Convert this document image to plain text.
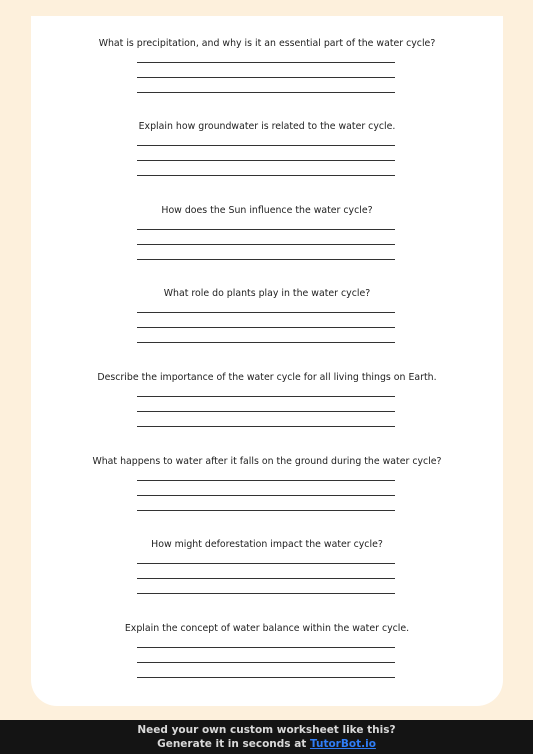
What is precipitation, and why is it an essential part of the water cycle?

Explain how groundwater is related to the water cycle.

How does the Sun influence the water cycle?

What role do plants play in the water cycle?

Describe the importance of the water cycle for all living things on Earth.

What happens to water after it falls on the ground during the water cycle?

How might deforestation impact the water cycle?

Explain the concept of water balance within the water cycle.

Need your own custom worksheet like this?
Generate it in seconds at TutorBot.io
